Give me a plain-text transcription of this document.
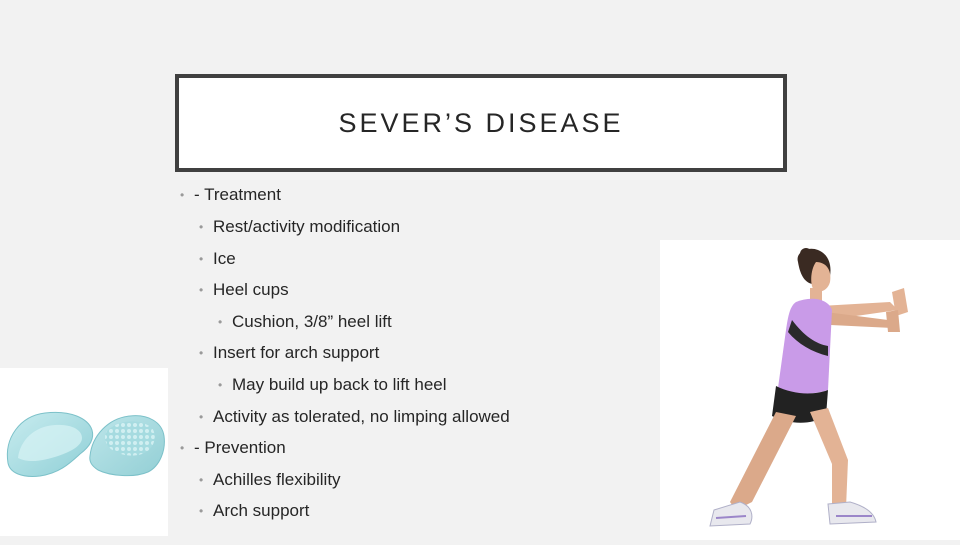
SEVER’S DISEASE
• - Treatment
• Rest/activity modification
• Ice
• Heel cups
• Cushion, 3/8” heel lift
• Insert for arch support
• May build up back to lift heel
• Activity as tolerated, no limping allowed
• - Prevention
• Achilles flexibility
• Arch support
